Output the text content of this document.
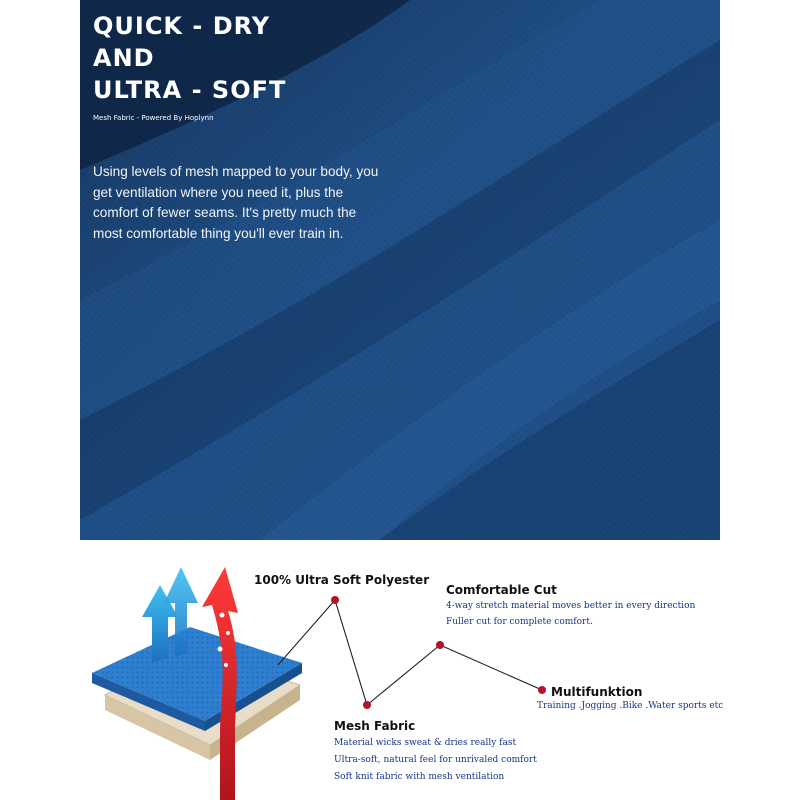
QUICK - DRY
AND
ULTRA - SOFT
Mesh Fabric - Powered By Hoplynn
Using levels of mesh mapped to your body, you get ventilation where you need it, plus the comfort of fewer seams. It's pretty much the most comfortable thing you'll ever train in.
100% Ultra Soft Polyester
Comfortable Cut
4-way stretch material moves better in every direction
Fuller cut for complete comfort.
Multifunktion
Training .Jogging .Bike .Water sports etc
Mesh Fabric
Material wicks sweat & dries really fast
Ultra-soft, natural feel for unrivaled comfort
Soft knit fabric with mesh ventilation
